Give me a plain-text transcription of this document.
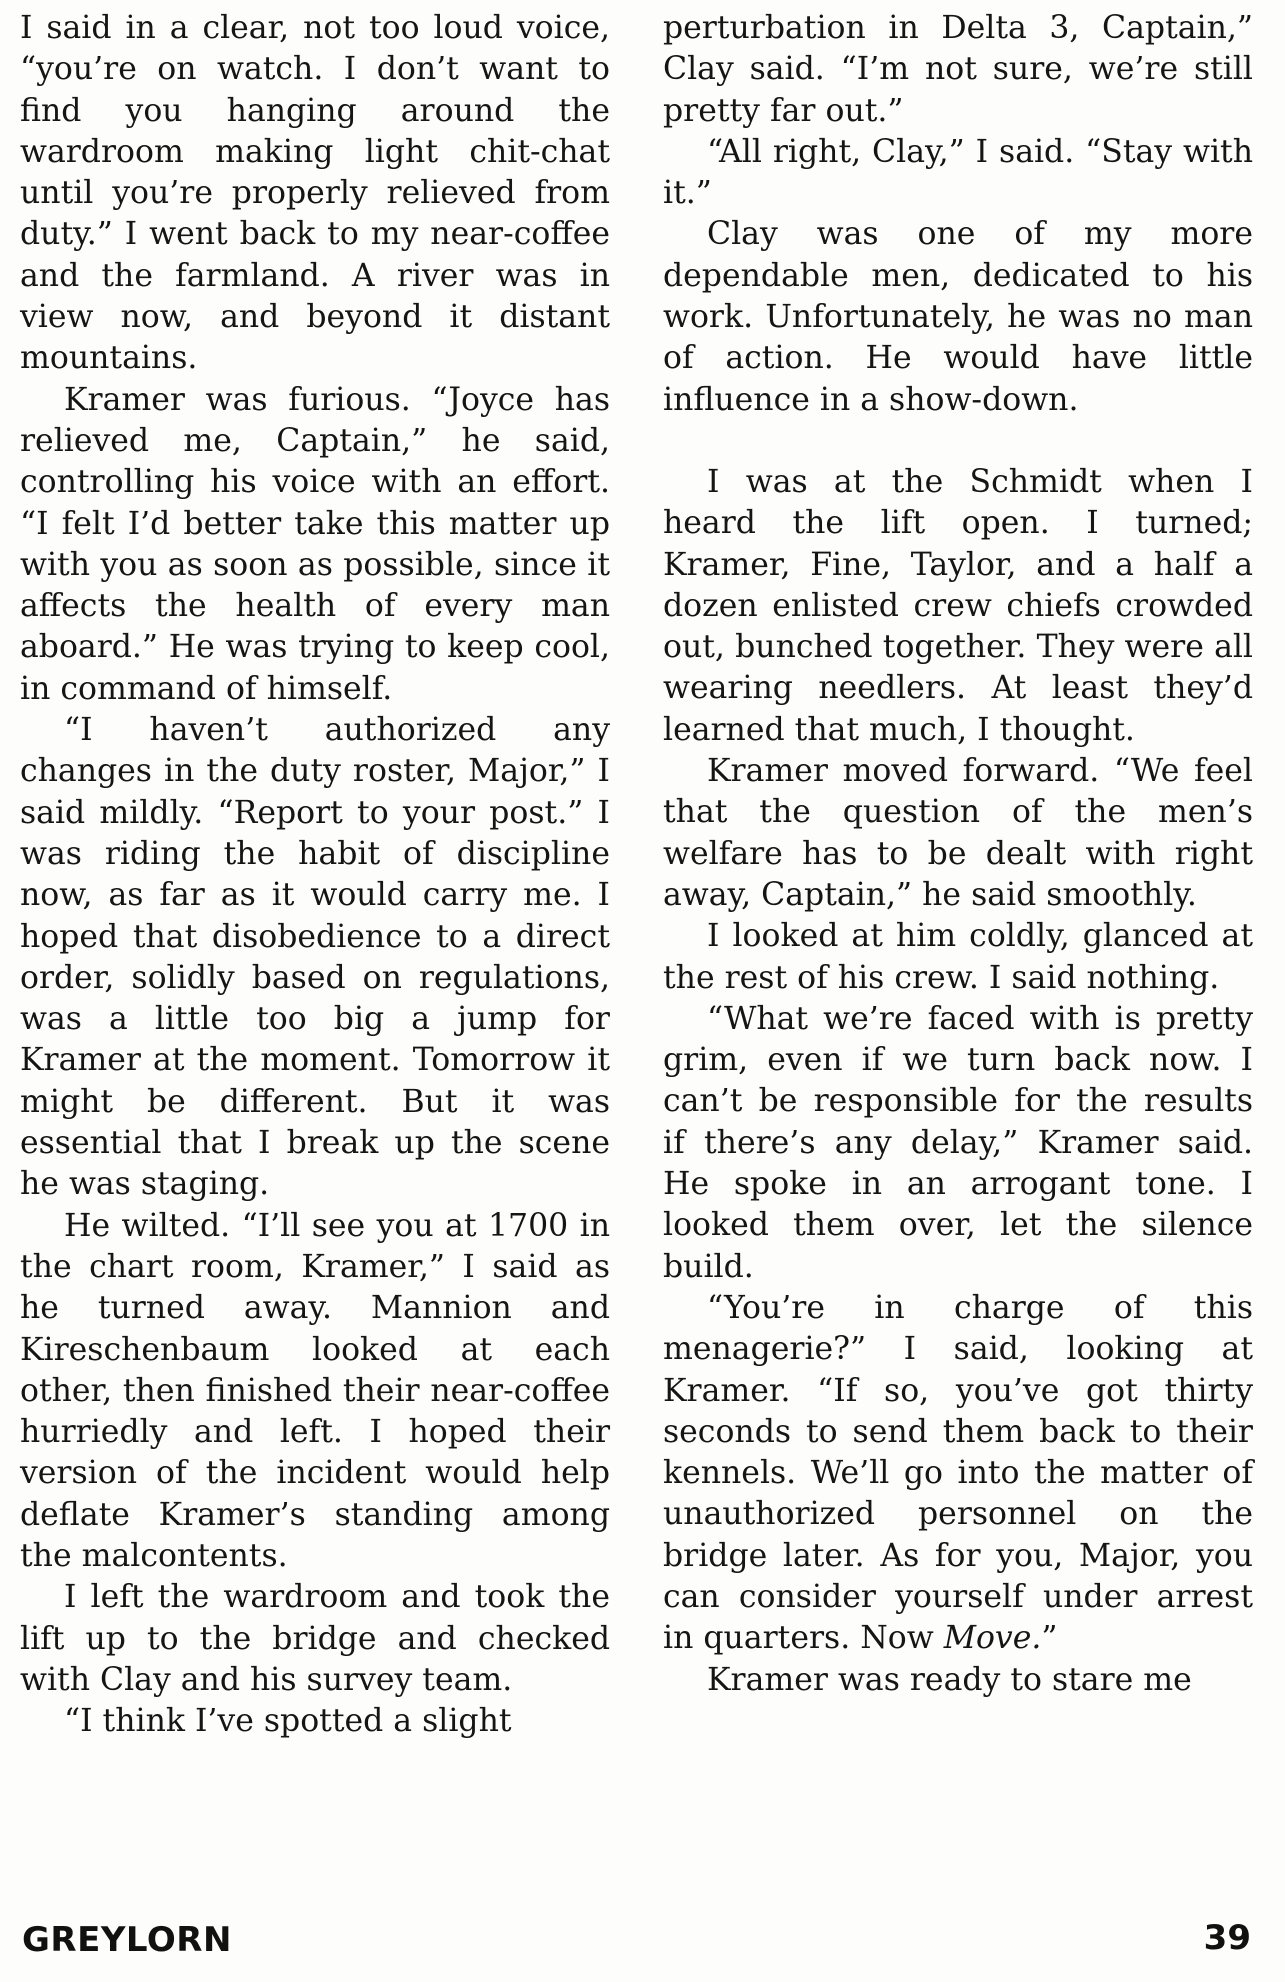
I said in a clear, not too loud voice, “you’re on watch. I don’t want to find you hanging around the wardroom making light chit-chat until you’re properly relieved from duty.” I went back to my near-coffee and the farmland. A river was in view now, and beyond it distant mountains.

Kramer was furious. “Joyce has relieved me, Captain,” he said, controlling his voice with an effort. “I felt I’d better take this matter up with you as soon as possible, since it affects the health of every man aboard.” He was trying to keep cool, in command of himself.

“I haven’t authorized any changes in the duty roster, Major,” I said mildly. “Report to your post.” I was riding the habit of discipline now, as far as it would carry me. I hoped that disobedience to a direct order, solidly based on regulations, was a little too big a jump for Kramer at the moment. Tomorrow it might be different. But it was essential that I break up the scene he was staging.

He wilted. “I’ll see you at 1700 in the chart room, Kramer,” I said as he turned away. Mannion and Kireschenbaum looked at each other, then finished their near-coffee hurriedly and left. I hoped their version of the incident would help deflate Kramer’s standing among the malcontents.

I left the wardroom and took the lift up to the bridge and checked with Clay and his survey team.

“I think I’ve spotted a slight

perturbation in Delta 3, Captain,” Clay said. “I’m not sure, we’re still pretty far out.”

“All right, Clay,” I said. “Stay with it.”

Clay was one of my more dependable men, dedicated to his work. Unfortunately, he was no man of action. He would have little influence in a show-down.

I was at the Schmidt when I heard the lift open. I turned; Kramer, Fine, Taylor, and a half a dozen enlisted crew chiefs crowded out, bunched together. They were all wearing needlers. At least they’d learned that much, I thought.

Kramer moved forward. “We feel that the question of the men’s welfare has to be dealt with right away, Captain,” he said smoothly.

I looked at him coldly, glanced at the rest of his crew. I said nothing.

“What we’re faced with is pretty grim, even if we turn back now. I can’t be responsible for the results if there’s any delay,” Kramer said. He spoke in an arrogant tone. I looked them over, let the silence build.

“You’re in charge of this menagerie?” I said, looking at Kramer. “If so, you’ve got thirty seconds to send them back to their kennels. We’ll go into the matter of unauthorized personnel on the bridge later. As for you, Major, you can consider yourself under arrest in quarters. Now Move.”

Kramer was ready to stare me

GREYLORN	39
